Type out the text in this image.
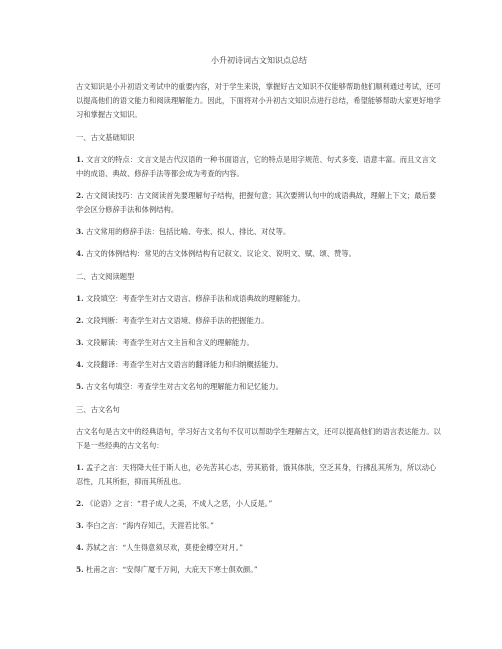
小升初诗词古文知识点总结

古文知识是小升初语文考试中的重要内容，对于学生来说，掌握好古文知识不仅能够帮助他们顺利通过考试，还可以提高他们的语文能力和阅读理解能力。因此，下面将对小升初古文知识点进行总结，希望能够帮助大家更好地学习和掌握古文知识。

一、古文基础知识

1. 文言文的特点：文言文是古代汉语的一种书面语言，它的特点是用字规范、句式多变、语意丰富。而且文言文中的成语、典故、修辞手法等都会成为考查的内容。

2. 古文阅读技巧：古文阅读首先要理解句子结构，把握句意；其次要辨认句中的成语典故，理解上下文；最后要学会区分修辞手法和体例结构。

3. 古文常用的修辞手法：包括比喻、夸张、拟人、排比、对仗等。

4. 古文的体例结构：常见的古文体例结构有记叙文、议论文、说明文、赋、颂、赞等。

二、古文阅读题型

1. 文段填空：考查学生对古文语言、修辞手法和成语典故的理解能力。

2. 文段判断：考查学生对古文语境、修辞手法的把握能力。

3. 文段解读：考查学生对古文主旨和含义的理解能力。

4. 文段翻译：考查学生对古文语言的翻译能力和归纳概括能力。

5. 古文名句填空：考查学生对古文名句的理解能力和记忆能力。

三、古文名句

古文名句是古文中的经典语句，学习好古文名句不仅可以帮助学生理解古文，还可以提高他们的语言表达能力。以下是一些经典的古文名句：

1. 孟子之言：天将降大任于斯人也，必先苦其心志，劳其筋骨，饿其体肤，空乏其身，行拂乱其所为，所以动心忍性，几其所拒，抑而其所乱也。

2. 《论语》之言：“君子成人之美，不成人之恶，小人反是。”

3. 李白之言：“海内存知己，天涯若比邻。”

4. 苏轼之言：“人生得意须尽欢，莫使金樽空对月。”

5. 杜甫之言：“安得广厦千万间，大庇天下寒士俱欢颜。”
